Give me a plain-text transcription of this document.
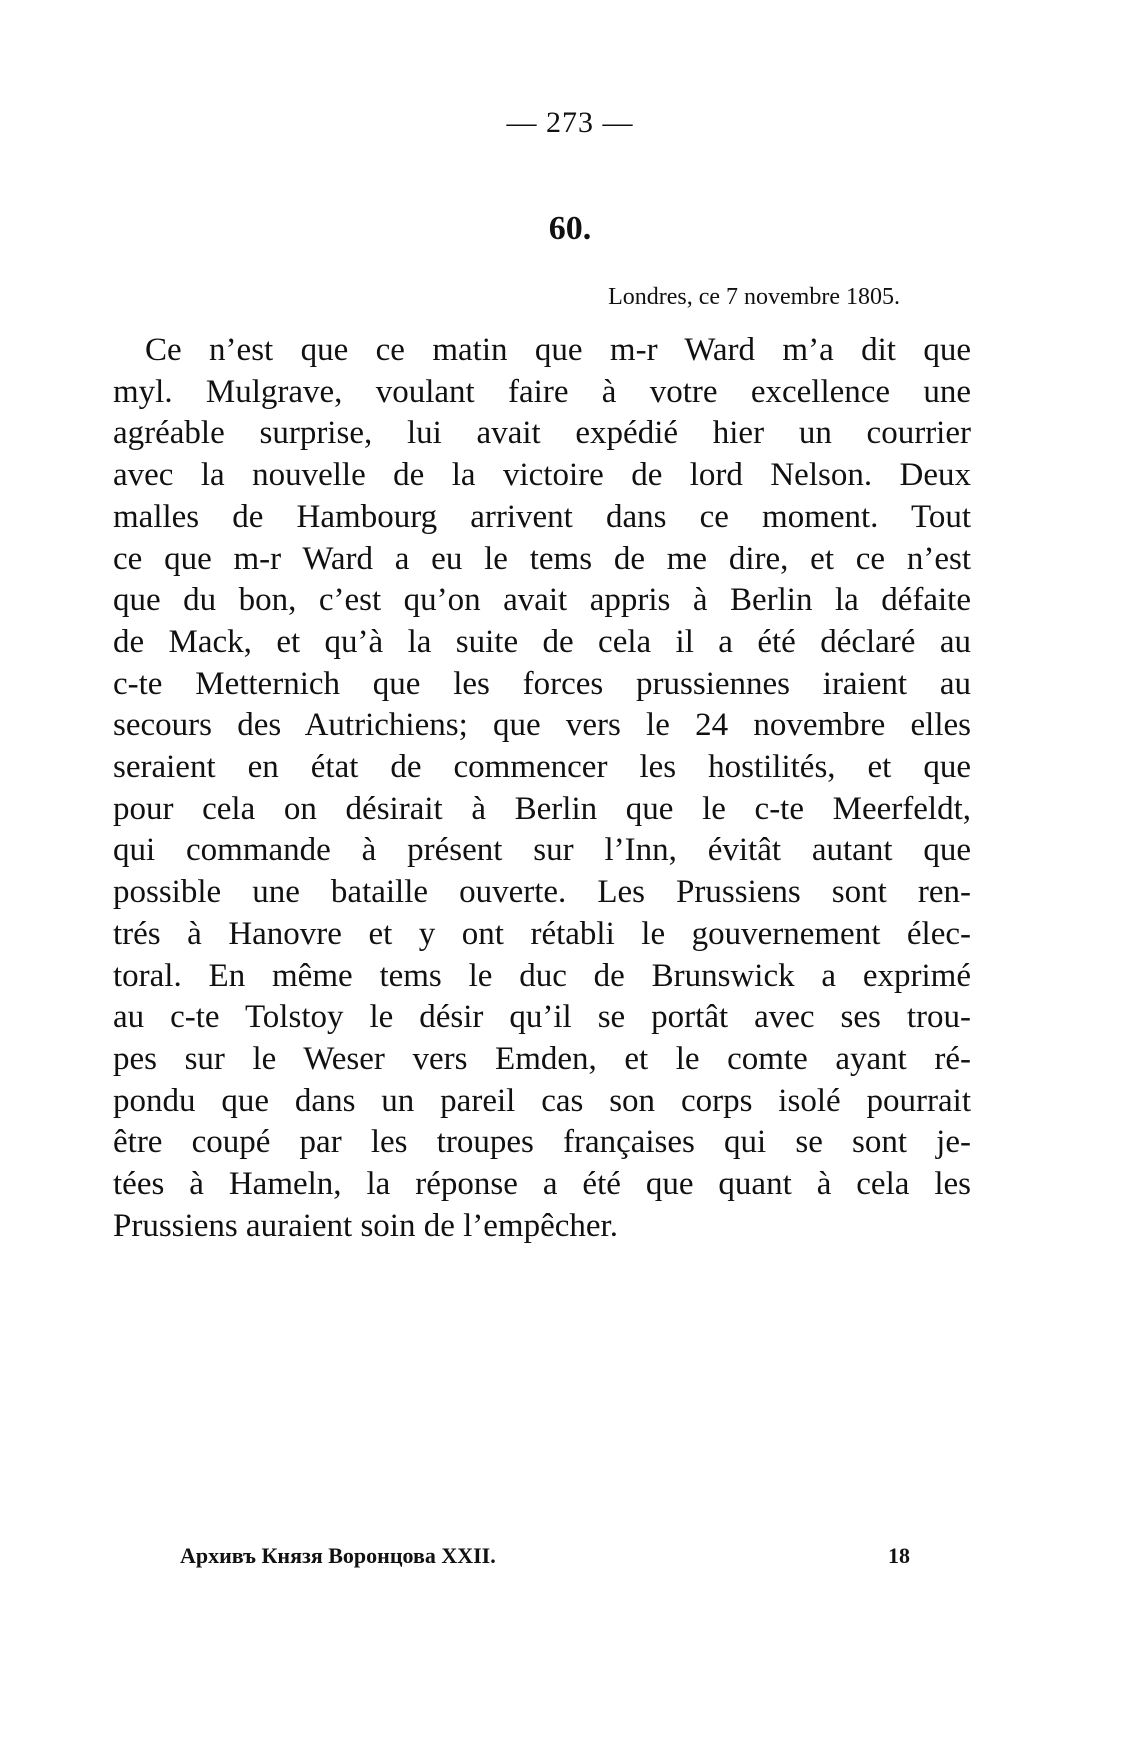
— 273 —
60.
Londres, ce 7 novembre 1805.
Ce n’est que ce matin que m-r Ward m’a dit que
myl. Mulgrave, voulant faire à votre excellence une
agréable surprise, lui avait expédié hier un courrier
avec la nouvelle de la victoire de lord Nelson. Deux
malles de Hambourg arrivent dans ce moment. Tout
ce que m-r Ward a eu le tems de me dire, et ce n’est
que du bon, c’est qu’on avait appris à Berlin la défaite
de Mack, et qu’à la suite de cela il a été déclaré au
c-te Metternich que les forces prussiennes iraient au
secours des Autrichiens; que vers le 24 novembre elles
seraient en état de commencer les hostilités, et que
pour cela on désirait à Berlin que le c-te Meerfeldt,
qui commande à présent sur l’Inn, évitât autant que
possible une bataille ouverte. Les Prussiens sont ren-
trés à Hanovre et y ont rétabli le gouvernement élec-
toral. En même tems le duc de Brunswick a exprimé
au c-te Tolstoy le désir qu’il se portât avec ses trou-
pes sur le Weser vers Emden, et le comte ayant ré-
pondu que dans un pareil cas son corps isolé pourrait
être coupé par les troupes françaises qui se sont je-
tées à Hameln, la réponse a été que quant à cela les
Prussiens auraient soin de l’empêcher.
Архивъ Князя Воронцова XXII.	18
